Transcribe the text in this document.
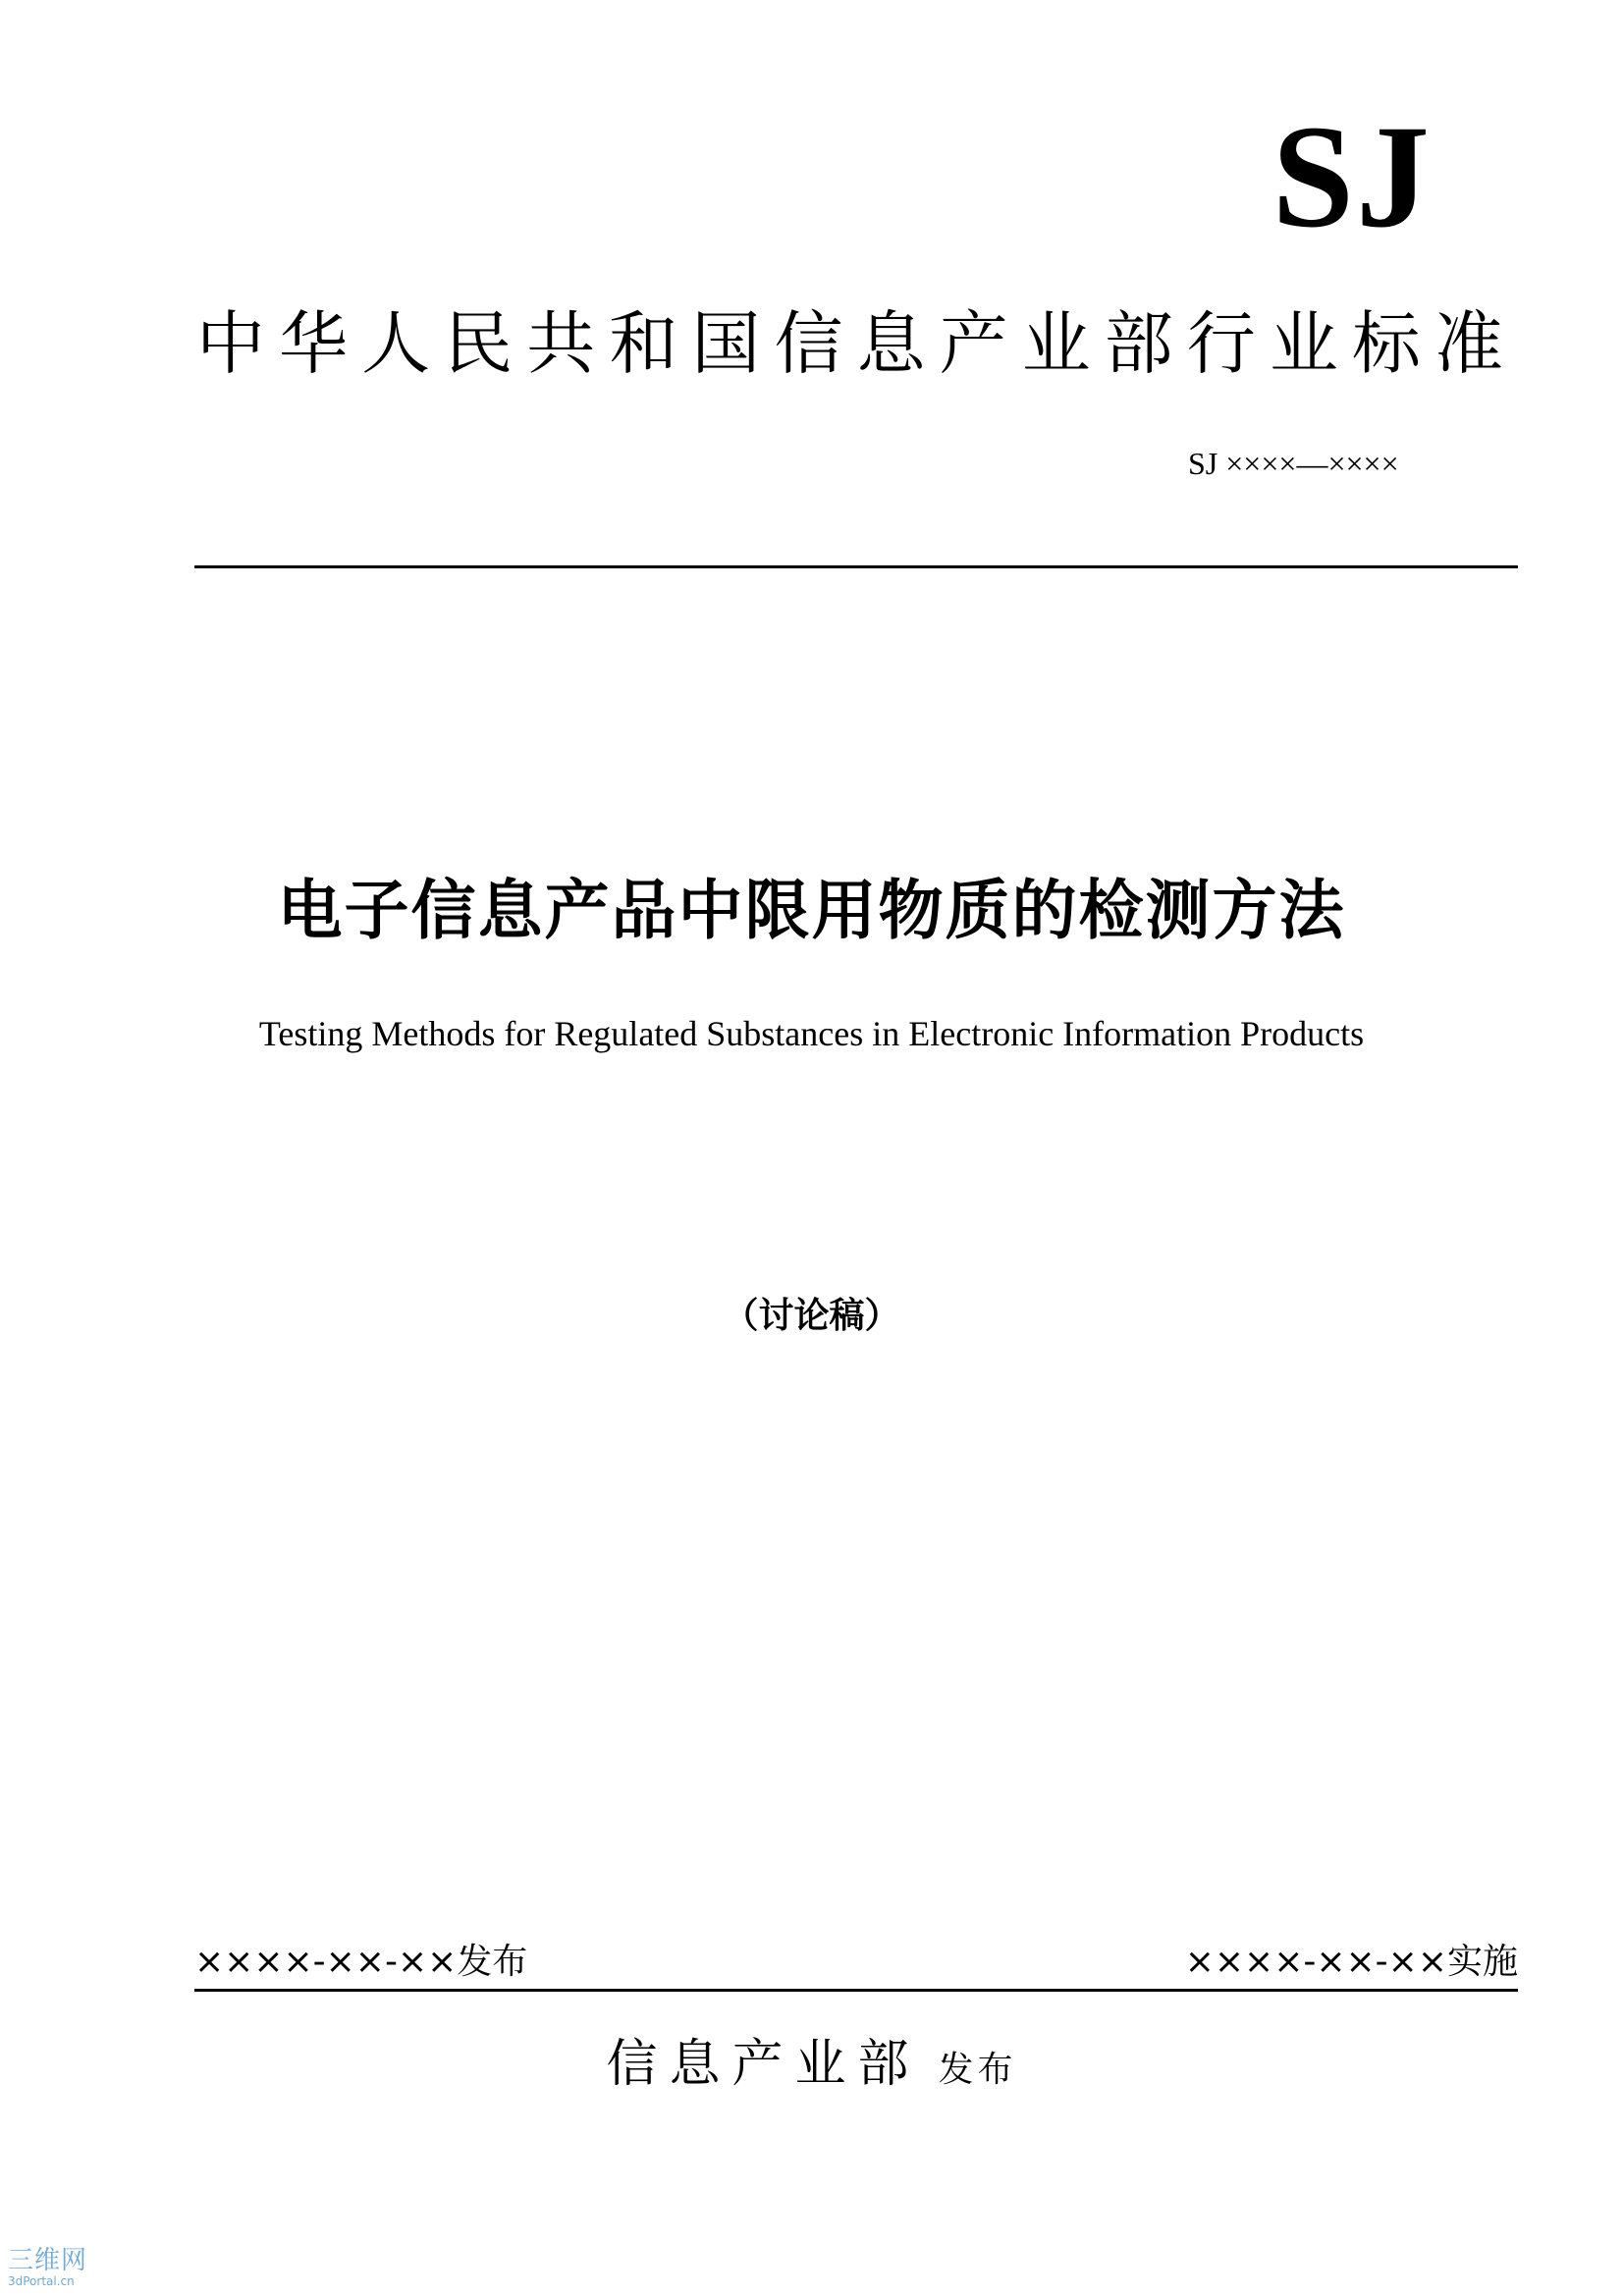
SJ
中华人民共和国信息产业部行业标准
SJ ××××—××××
电子信息产品中限用物质的检测方法
Testing Methods for Regulated Substances in Electronic Information Products
（讨论稿）
××××-××-××发布	××××-××-××实施
信息产业部 发布
三维网
3dPortal.cn
